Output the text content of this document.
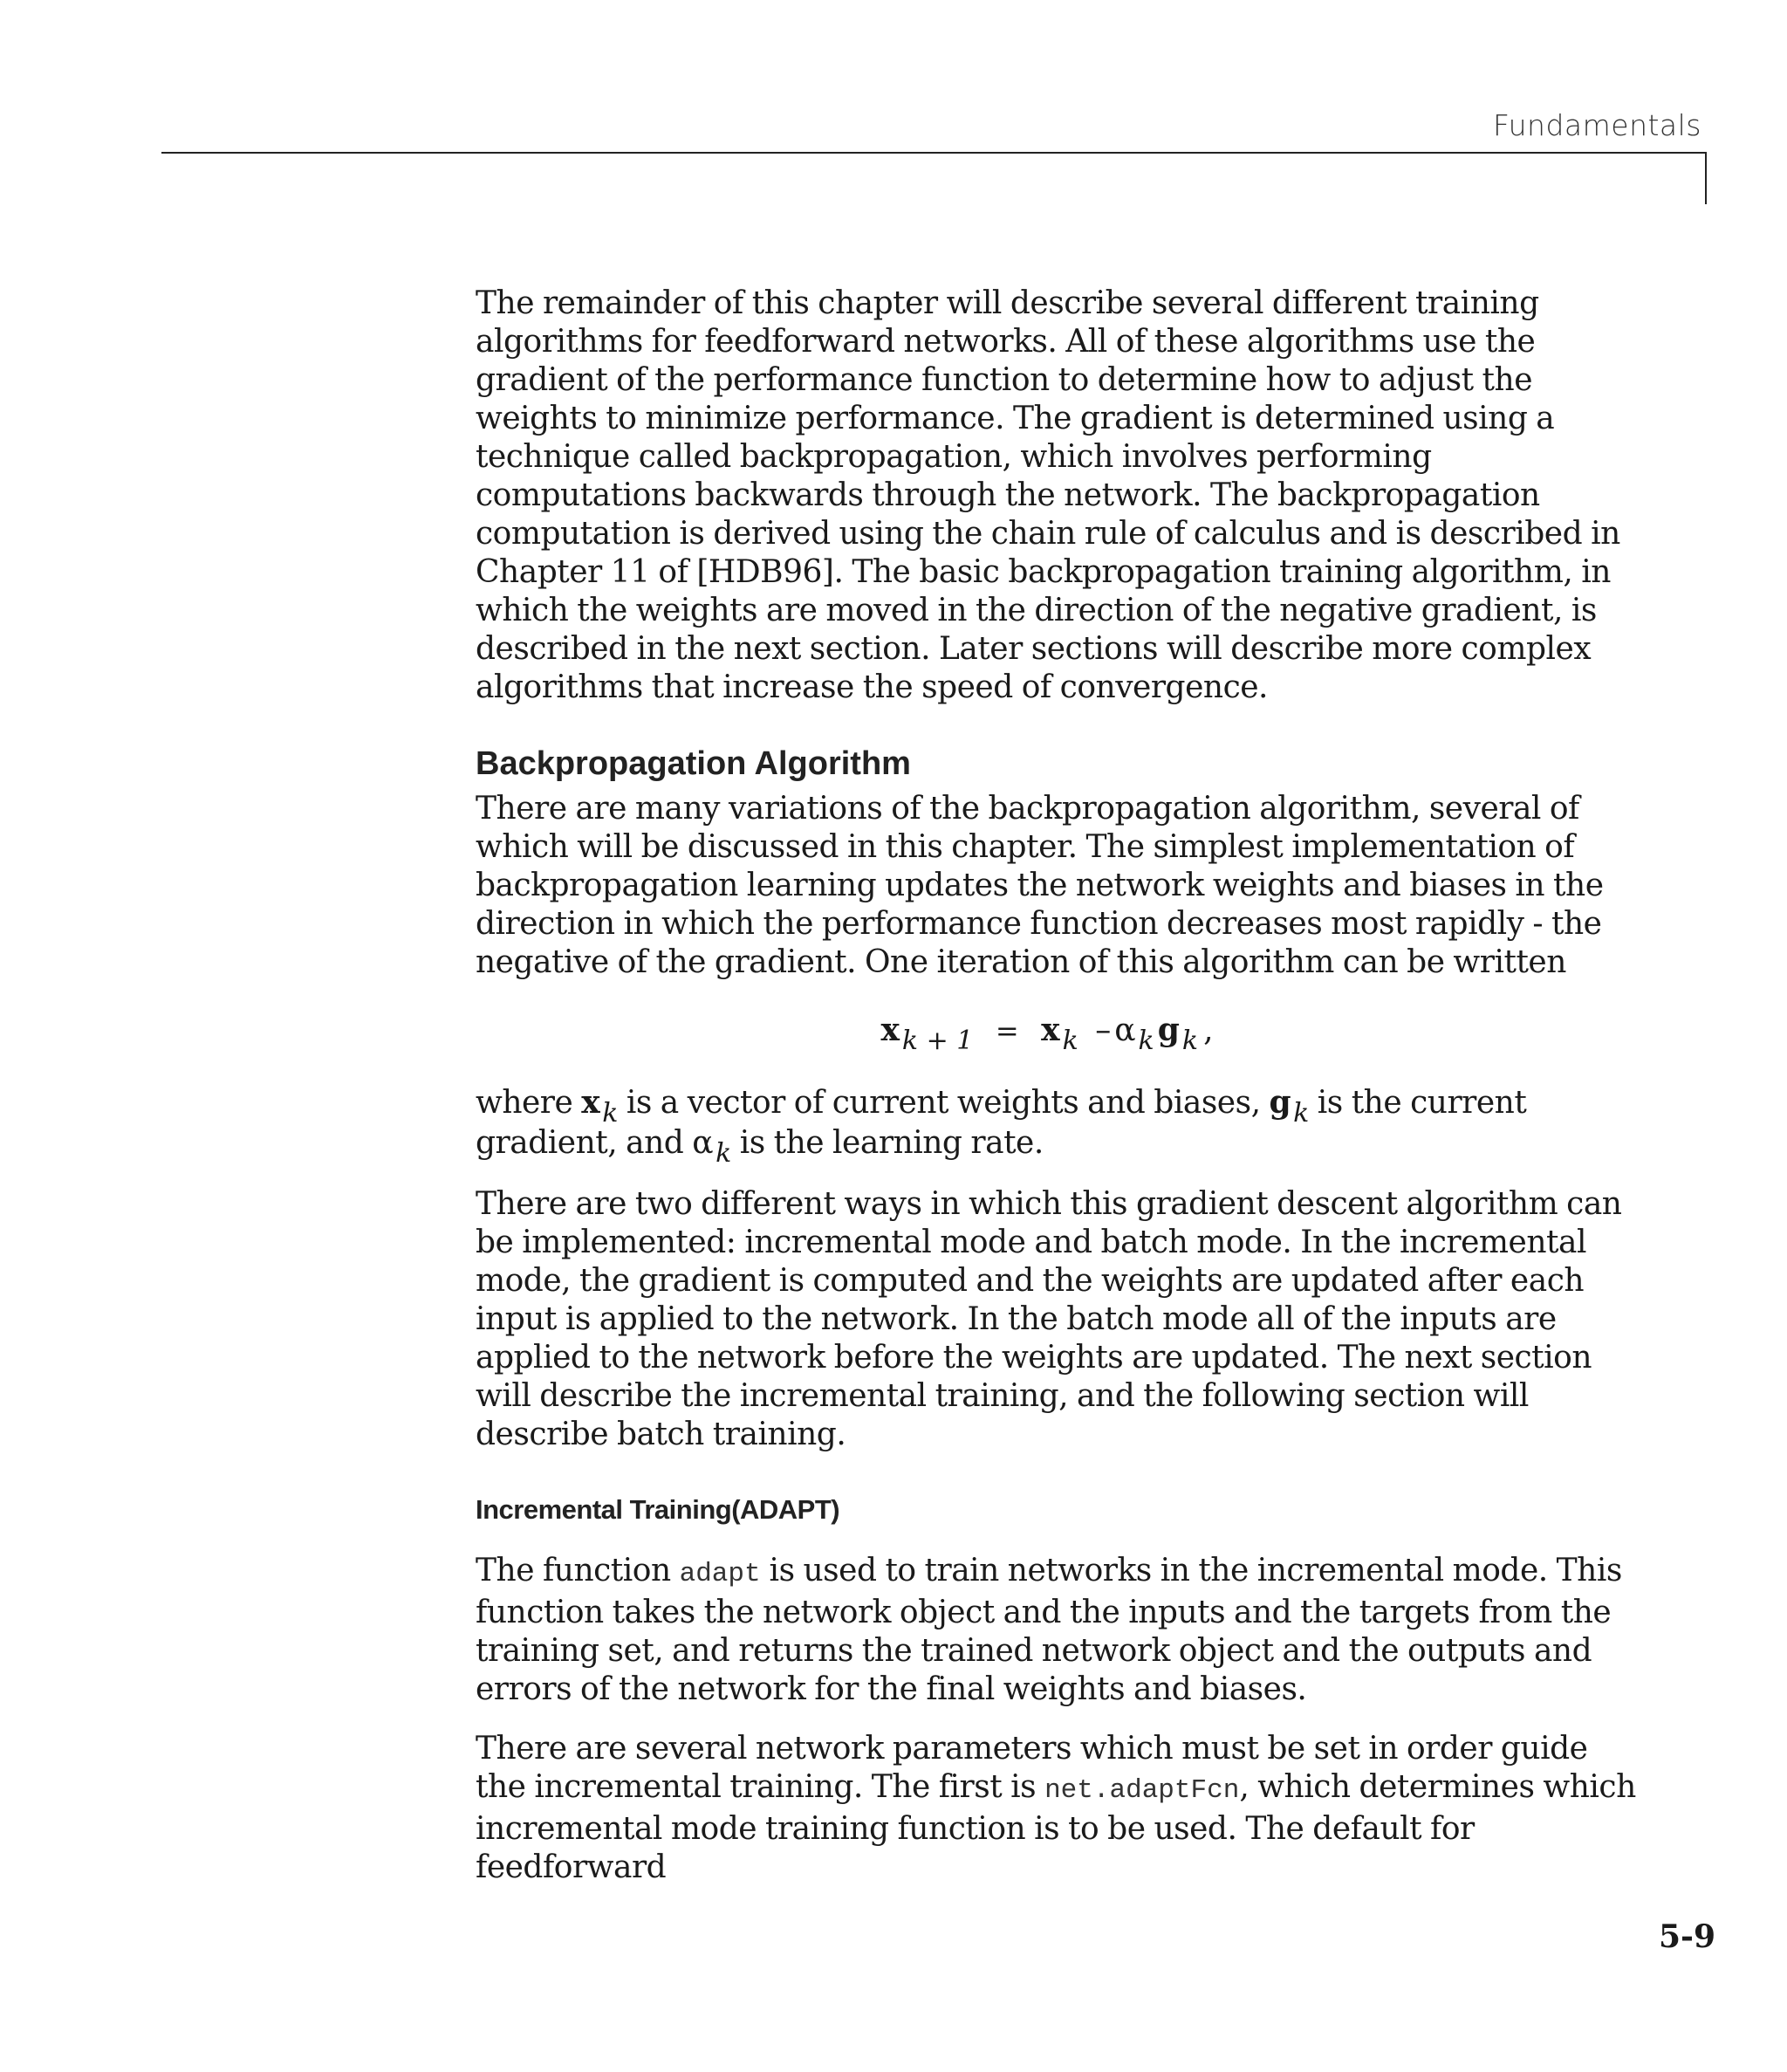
Fundamentals

The remainder of this chapter will describe several different training algorithms for feedforward networks. All of these algorithms use the gradient of the performance function to determine how to adjust the weights to minimize performance. The gradient is determined using a technique called backpropagation, which involves performing computations backwards through the network. The backpropagation computation is derived using the chain rule of calculus and is described in Chapter 11 of [HDB96]. The basic backpropagation training algorithm, in which the weights are moved in the direction of the negative gradient, is described in the next section. Later sections will describe more complex algorithms that increase the speed of convergence.

Backpropagation Algorithm

There are many variations of the backpropagation algorithm, several of which will be discussed in this chapter. The simplest implementation of backpropagation learning updates the network weights and biases in the direction in which the performance function decreases most rapidly - the negative of the gradient. One iteration of this algorithm can be written

x $_{k + 1}$ = x $_k$ – α $_k$ g $_k$ ,

where x $_k$ is a vector of current weights and biases, g $_k$ is the current gradient, and α $_k$ is the learning rate.

There are two different ways in which this gradient descent algorithm can be implemented: incremental mode and batch mode. In the incremental mode, the gradient is computed and the weights are updated after each input is applied to the network. In the batch mode all of the inputs are applied to the network before the weights are updated. The next section will describe the incremental training, and the following section will describe batch training.

Incremental Training(ADAPT)

The function adapt is used to train networks in the incremental mode. This function takes the network object and the inputs and the targets from the training set, and returns the trained network object and the outputs and errors of the network for the final weights and biases.

There are several network parameters which must be set in order guide the incremental training. The first is net.adaptFcn, which determines which incremental mode training function is to be used. The default for feedforward

5-9
